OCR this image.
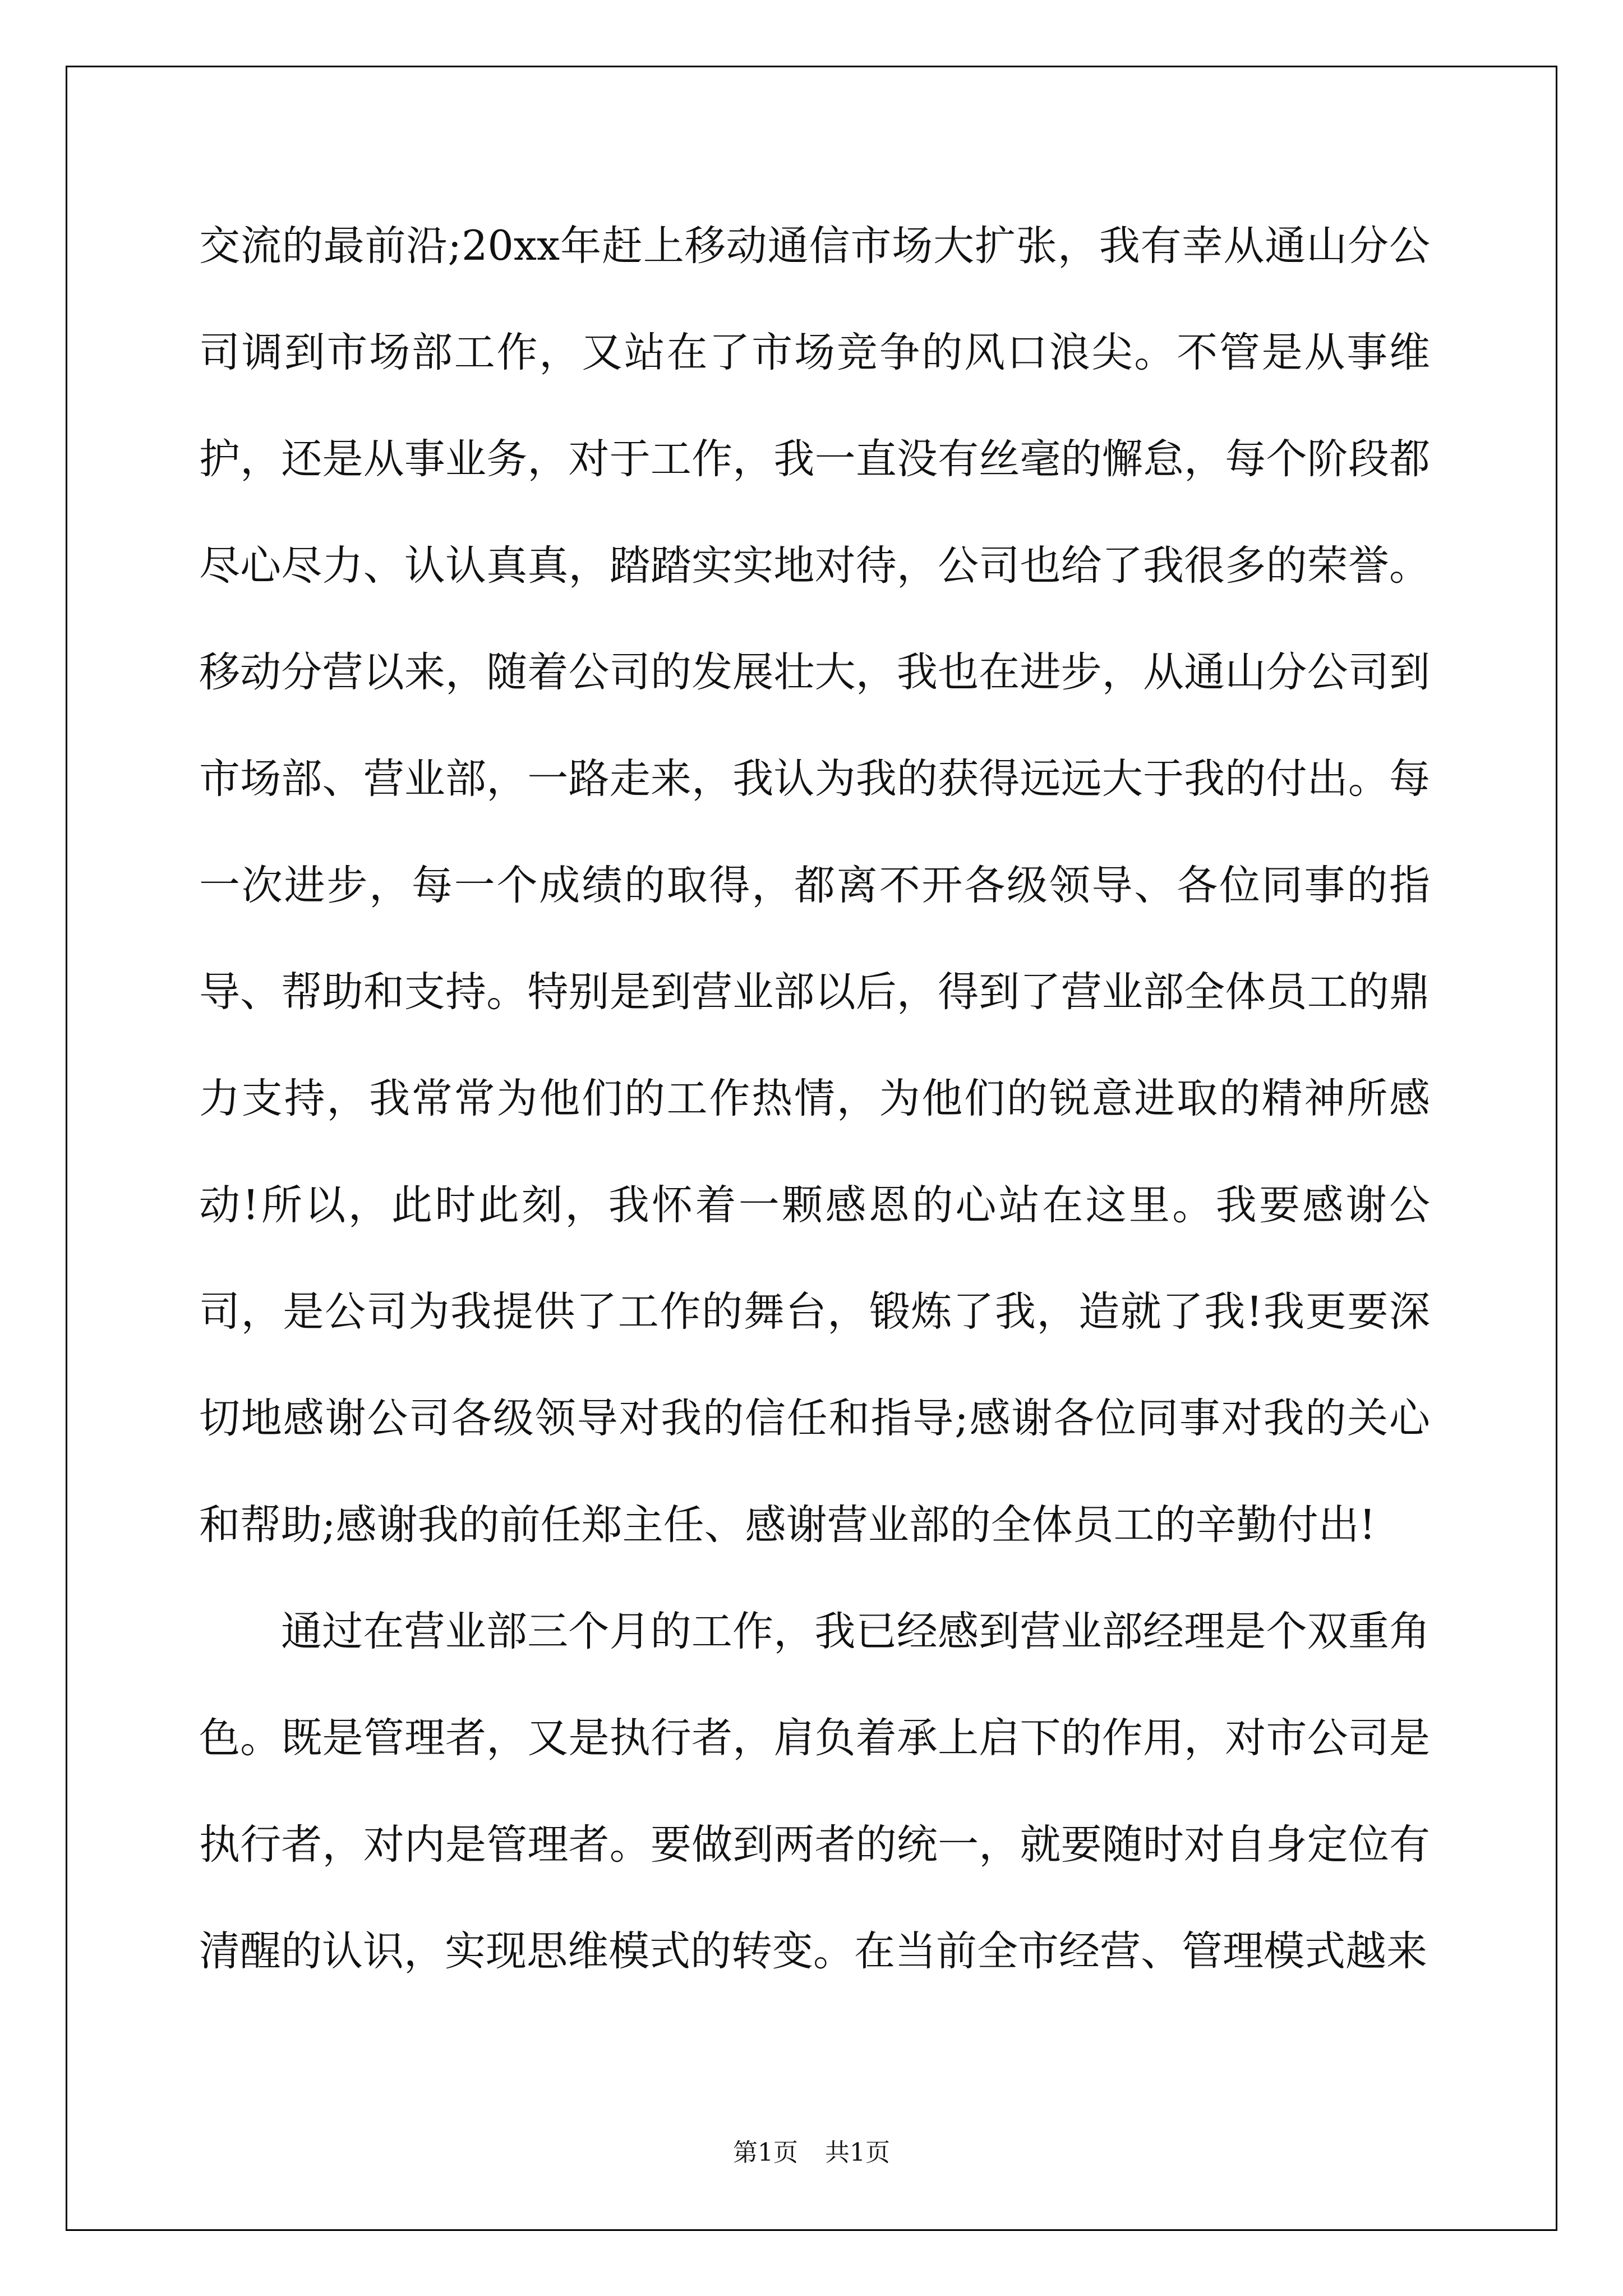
交流的最前沿;20xx年赶上移动通信市场大扩张，我有幸从通山分公司调到市场部工作，又站在了市场竞争的风口浪尖。不管是从事维护，还是从事业务，对于工作，我一直没有丝毫的懈怠，每个阶段都尽心尽力、认认真真，踏踏实实地对待，公司也给了我很多的荣誉。移动分营以来，随着公司的发展壮大，我也在进步，从通山分公司到市场部、营业部，一路走来，我认为我的获得远远大于我的付出。每一次进步，每一个成绩的取得，都离不开各级领导、各位同事的指导、帮助和支持。特别是到营业部以后，得到了营业部全体员工的鼎力支持，我常常为他们的工作热情，为他们的锐意进取的精神所感动!所以，此时此刻，我怀着一颗感恩的心站在这里。我要感谢公司，是公司为我提供了工作的舞台，锻炼了我，造就了我!我更要深切地感谢公司各级领导对我的信任和指导;感谢各位同事对我的关心和帮助;感谢我的前任郑主任、感谢营业部的全体员工的辛勤付出!

通过在营业部三个月的工作，我已经感到营业部经理是个双重角色。既是管理者，又是执行者，肩负着承上启下的作用，对市公司是执行者，对内是管理者。要做到两者的统一，就要随时对自身定位有清醒的认识，实现思维模式的转变。在当前全市经营、管理模式越来

第1页 共1页
